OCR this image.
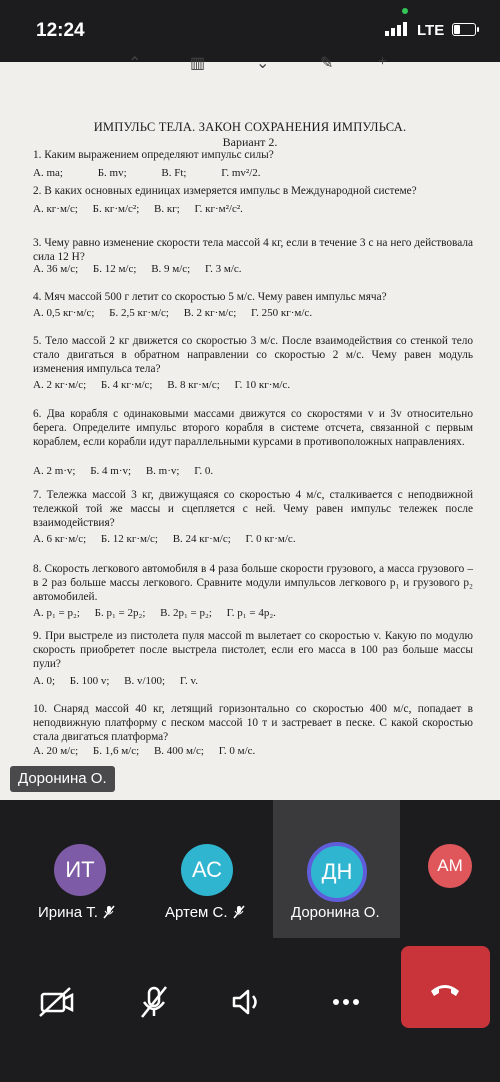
12:24	LTE
⌃	▥	⌄	✎	+
ИМПУЛЬС ТЕЛА. ЗАКОН СОХРАНЕНИЯ ИМПУЛЬСА.
Вариант 2.
1. Каким выражением определяют импульс силы?
А. ma;	Б. mv;	В. Ft;	Г. mv²/2.
2. В каких основных единицах измеряется импульс в Международной системе?
А. кг·м/с; Б. кг·м/с²; В. кг; Г. кг·м²/с².
3. Чему равно изменение скорости тела массой 4 кг, если в течение 3 с на него действовала сила 12 Н?
А. 36 м/с; Б. 12 м/с; В. 9 м/с; Г. 3 м/с.
4. Мяч массой 500 г летит со скоростью 5 м/с. Чему равен импульс мяча?
А. 0,5 кг·м/с; Б. 2,5 кг·м/с; В. 2 кг·м/с; Г. 250 кг·м/с.
5. Тело массой 2 кг движется со скоростью 3 м/с. После взаимодействия со стенкой тело стало двигаться в обратном направлении со скоростью 2 м/с. Чему равен модуль изменения импульса тела?
А. 2 кг·м/с; Б. 4 кг·м/с; В. 8 кг·м/с; Г. 10 кг·м/с.
6. Два корабля с одинаковыми массами движутся со скоростями v и 3v относительно берега. Определите импульс второго корабля в системе отсчета, связанной с первым кораблем, если корабли идут параллельными курсами в противоположных направлениях.
А. 2 m·v; Б. 4 m·v; В. m·v; Г. 0.
7. Тележка массой 3 кг, движущаяся со скоростью 4 м/с, сталкивается с неподвижной тележкой той же массы и сцепляется с ней. Чему равен импульс тележек после взаимодействия?
А. 6 кг·м/с; Б. 12 кг·м/с; В. 24 кг·м/с; Г. 0 кг·м/с.
8. Скорость легкового автомобиля в 4 раза больше скорости грузового, а масса грузового – в 2 раз больше массы легкового. Сравните модули импульсов легкового p₁ и грузового p₂ автомобилей.
А. p₁ = p₂; Б. p₁ = 2p₂; В. 2p₁ = p₂; Г. p₁ = 4p₂.
9. При выстреле из пистолета пуля массой m вылетает со скоростью v. Какую по модулю скорость приобретет после выстрела пистолет, если его масса в 100 раз больше массы пули?
А. 0; Б. 100 v; В. v/100; Г. v.
10. Снаряд массой 40 кг, летящий горизонтально со скоростью 400 м/с, попадает в неподвижную платформу с песком массой 10 т и застревает в песке. С какой скоростью стала двигаться платформа?
А. 20 м/с; Б. 1,6 м/с; В. 400 м/с; Г. 0 м/с.
Доронина О.
ИТ
Ирина Т.
АС
Артем С.
ДН
Доронина О.
АМ
